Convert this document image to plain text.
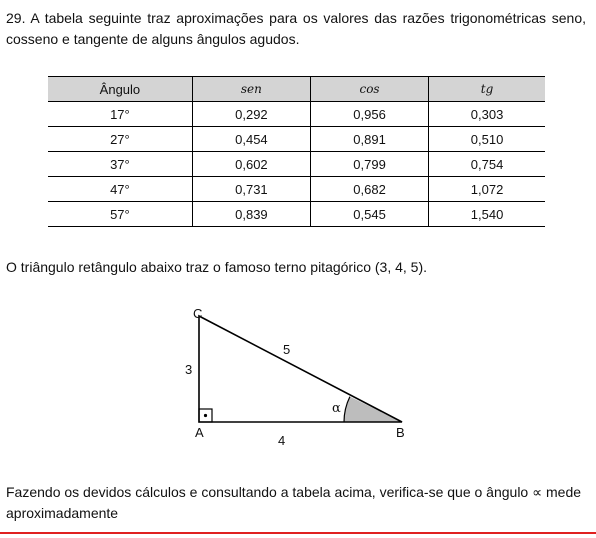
29. A tabela seguinte traz aproximações para os valores das razões trigonométricas seno, cosseno e tangente de alguns ângulos agudos.
Ângulo	sen	cos	tg
17°	0,292	0,956	0,303
27°	0,454	0,891	0,510
37°	0,602	0,799	0,754
47°	0,731	0,682	1,072
57°	0,839	0,545	1,540
O triângulo retângulo abaixo traz o famoso terno pitagórico (3, 4, 5).
C
A	B
3
4
5
α
Fazendo os devidos cálculos e consultando a tabela acima, verifica-se que o ângulo ∝ mede aproximadamente
